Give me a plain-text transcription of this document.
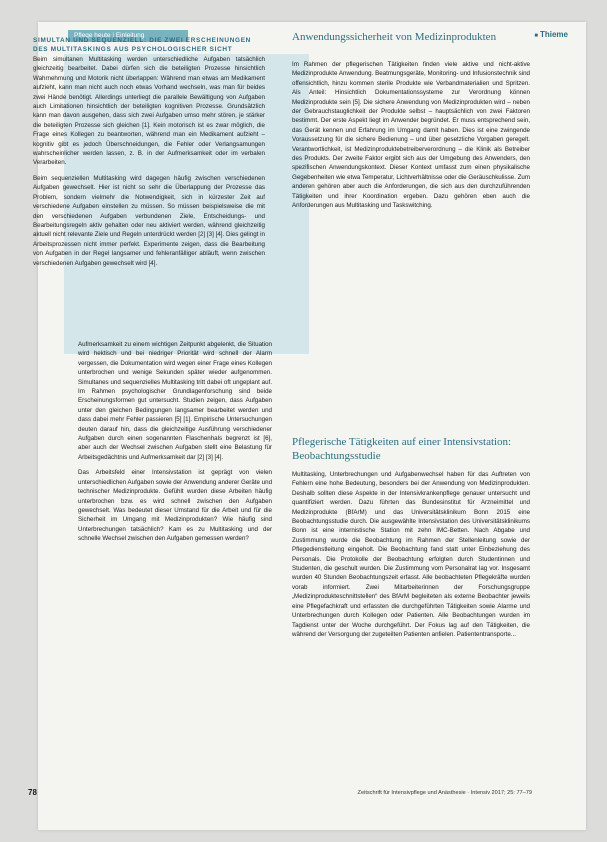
Pflege heute | Einleitung	■ Thieme
SIMULTAN UND SEQUENZIELL: DIE ZWEI ERSCHEINUNGEN DES MULTITASKINGS AUS PSYCHOLOGISCHER SICHT

Beim simultanen Multitasking werden unterschiedliche Aufgaben tatsächlich gleichzeitig bearbeitet. Dabei dürfen sich die beteiligten Prozesse hinsichtlich Wahrnehmung und Motorik nicht überlappen: Während man etwas am Medikament aufzieht, kann man nicht auch noch etwas Vorhand wechseln, was man für beides zwei Hände benötigt. Allerdings unterliegt die parallele Bewältigung von Aufgaben auch Limitationen hinsichtlich der beteiligten kognitiven Prozesse. Grundsätzlich kann man davon ausgehen, dass sich zwei Aufgaben umso mehr stören, je stärker die beteiligten Prozesse sich gleichen [1]. Kein motorisch ist es zwar möglich, die Frage eines Kollegen zu beantworten, während man ein Medikament aufzieht – kognitiv gibt es jedoch Überschneidungen, die Fehler oder Verlangsamungen wahrscheinlicher werden lassen, z. B. in der Aufmerksamkeit oder im verbalen Verarbeiten.

Beim sequenziellen Multitasking wird dagegen häufig zwischen verschiedenen Aufgaben gewechselt. Hier ist nicht so sehr die Überlappung der Prozesse das Problem, sondern vielmehr die Notwendigkeit, sich in kürzester Zeit auf verschiedene Aufgaben einstellen zu müssen. So müssen beispielsweise die mit den verschiedenen Aufgaben verbundenen Ziele, Entscheidungs- und Bearbeitungsregeln aktiv gehalten oder neu aktiviert werden, während gleichzeitig aktuell nicht relevante Ziele und Regeln unterdrückt werden [2] [3] [4]. Dies gelingt in Arbeitsprozessen nicht immer perfekt. Experimente zeigen, dass die Bearbeitung von Aufgaben in der Regel langsamer und fehleranfälliger abläuft, wenn zwischen verschiedenen Aufgaben gewechselt wird [4].

Aufmerksamkeit zu einem wichtigen Zeitpunkt abgelenkt, die Situation wird hektisch und bei niedriger Priorität wird schnell der Alarm vergessen, die Dokumentation wird wegen einer Frage eines Kollegen unterbrochen und wenige Sekunden später wieder aufgenommen. Simultanes und sequenzielles Multitasking tritt dabei oft ungeplant auf. Im Rahmen psychologischer Grundlagenforschung sind beide Erscheinungsformen gut untersucht. Studien zeigen, dass Aufgaben unter den gleichen Bedingungen langsamer bearbeitet werden und dass dabei mehr Fehler passieren [5] [1]. Empirische Untersuchungen deuten darauf hin, dass die gleichzeitige Ausführung verschiedener Aufgaben durch einen sogenannten Flaschenhals begrenzt ist [6], aber auch der Wechsel zwischen Aufgaben stellt eine Belastung für Arbeitsgedächtnis und Aufmerksamkeit dar [2] [3] [4].

Das Arbeitsfeld einer Intensivstation ist geprägt von vielen unterschiedlichen Aufgaben sowie der Anwendung anderer Geräte und technischer Medizinprodukte. Gefühlt wurden diese Arbeiten häufig unterbrochen bzw. es wird schnell zwischen den Aufgaben gewechselt. Was bedeutet dieser Umstand für die Arbeit und für die Sicherheit im Umgang mit Medizinprodukten? Wie häufig sind Unterbrechungen tatsächlich? Kam es zu Multitasking und der schnelle Wechsel zwischen den Aufgaben gemessen werden?

Anwendungssicherheit von Medizinprodukten

Im Rahmen der pflegerischen Tätigkeiten finden viele aktive und nicht-aktive Medizinprodukte Anwendung. Beatmungsgeräte, Monitoring- und Infusionstechnik sind offensichtlich, hinzu kommen sterile Produkte wie Verbandmaterialien und Spritzen. Als Anteil: Hinsichtlich Dokumentationssysteme zur Verordnung können Medizinprodukte sein [5]. Die sichere Anwendung von Medizinprodukten wird – neben der Gebrauchstauglichkeit der Produkte selbst – hauptsächlich von zwei Faktoren bestimmt. Der erste Aspekt liegt im Anwender begründet. Er muss entsprechend sein, das Gerät kennen und Erfahrung im Umgang damit haben. Dies ist eine zwingende Voraussetzung für die sichere Bedienung – und über gesetzliche Vorgaben geregelt. Verantwortlichkeit, ist Medizinproduktebetreiberverordnung – die Klinik als Betreiber des Produkts. Der zweite Faktor ergibt sich aus der Umgebung des Anwenders, den spezifischen Anwendungskontext. Dieser Kontext umfasst zum einen physikalische Gegebenheiten wie etwa Temperatur, Lichtverhältnisse oder die Geräuschkulisse. Zum anderen gehören aber auch die Anforderungen, die sich aus den durchzuführenden Tätigkeiten und ihrer Koordination ergeben. Dazu gehören eben auch die Anforderungen aus Multitasking und Taskswitching.

Pflegerische Tätigkeiten auf einer Intensivstation: Beobachtungsstudie

Multitasking, Unterbrechungen und Aufgabenwechsel haben für das Auftreten von Fehlern eine hohe Bedeutung, besonders bei der Anwendung von Medizinprodukten. Deshalb sollten diese Aspekte in der Intensivkrankenpflege genauer untersucht und quantifiziert werden. Dazu führten das Bundesinstitut für Arzneimittel und Medizinprodukte (BfArM) und das Universitätsklinikum Bonn 2015 eine Beobachtungsstudie durch. Die ausgewählte Intensivstation des Universitätsklinikums Bonn ist eine internistische Station mit zehn IMC-Betten. Nach Abgabe und Zustimmung wurde die Beobachtung im Rahmen der Stellenleitung sowie der Pflegedienstleitung eingeholt. Die Beobachtung fand statt unter Einbeziehung des Personals. Die Protokolle der Beobachtung erfolgten durch Studentinnen und Studenten, die geschult wurden. Die Zustimmung vom Personalrat lag vor. Insgesamt wurden 40 Stunden Beobachtungszeit erfasst. Alle beobachteten Pflegekräfte wurden vorab informiert. Zwei Mitarbeiterinnen der Forschungsgruppe „Medizinprodukteschnittstellen“ des BfArM begleiteten als externe Beobachter jeweils eine Pflegefachkraft und erfassten die durchgeführten Tätigkeiten sowie Alarme und Unterbrechungen durch Kollegen oder Patienten. Alle Beobachtungen wurden im Tagdienst unter der Woche durchgeführt. Der Fokus lag auf den Tätigkeiten, die während der Versorgung der zugeteilten Patienten anfielen. Patiententransporte...

78	Zeitschrift für Intensivpflege und Anästhesie · Intensiv 2017; 25: 77–79
